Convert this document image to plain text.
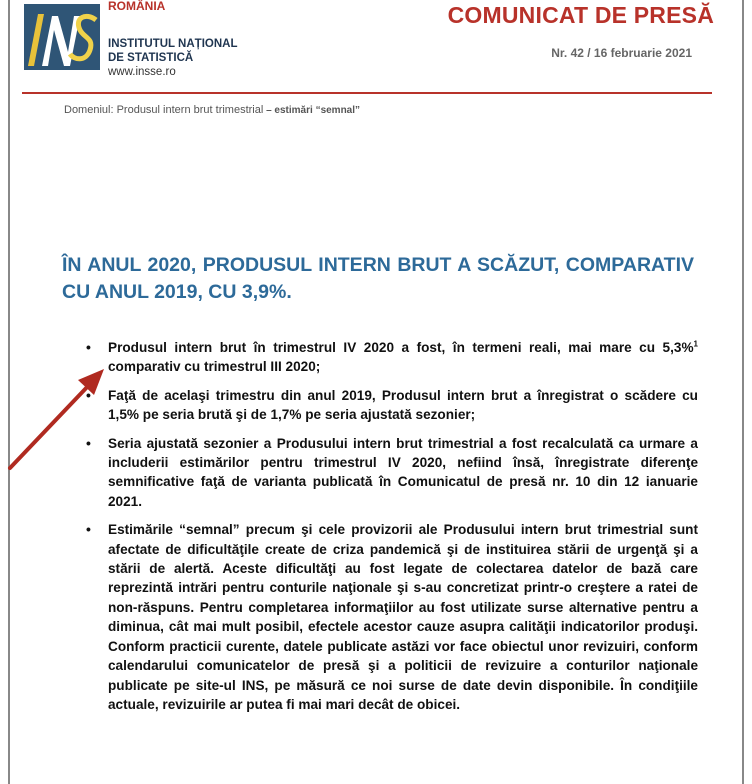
ROMÂNIA
INSTITUTUL NAȚIONAL
DE STATISTICĂ
www.insse.ro
COMUNICAT DE PRESĂ
Nr. 42 / 16 februarie 2021
Domeniul: Produsul intern brut trimestrial – estimări “semnal”
ÎN ANUL 2020, PRODUSUL INTERN BRUT A SCĂZUT, COMPARATIV CU ANUL 2019, CU 3,9%.
• Produsul intern brut în trimestrul IV 2020 a fost, în termeni reali, mai mare cu 5,3%$^1$ comparativ cu trimestrul III 2020;
• Faţă de acelaşi trimestru din anul 2019, Produsul intern brut a înregistrat o scădere cu 1,5% pe seria brută şi de 1,7% pe seria ajustată sezonier;
• Seria ajustată sezonier a Produsului intern brut trimestrial a fost recalculată ca urmare a includerii estimărilor pentru trimestrul IV 2020, nefiind însă, înregistrate diferenţe semnificative faţă de varianta publicată în Comunicatul de presă nr. 10 din 12 ianuarie 2021.
• Estimările “semnal” precum şi cele provizorii ale Produsului intern brut trimestrial sunt afectate de dificultăţile create de criza pandemică şi de instituirea stării de urgenţă şi a stării de alertă. Aceste dificultăţi au fost legate de colectarea datelor de bază care reprezintă intrări pentru conturile naţionale şi s-au concretizat printr-o creştere a ratei de non-răspuns. Pentru completarea informaţiilor au fost utilizate surse alternative pentru a diminua, cât mai mult posibil, efectele acestor cauze asupra calităţii indicatorilor produşi. Conform practicii curente, datele publicate astăzi vor face obiectul unor revizuiri, conform calendarului comunicatelor de presă şi a politicii de revizuire a conturilor naţionale publicate pe site-ul INS, pe măsură ce noi surse de date devin disponibile. În condiţiile actuale, revizuirile ar putea fi mai mari decât de obicei.
